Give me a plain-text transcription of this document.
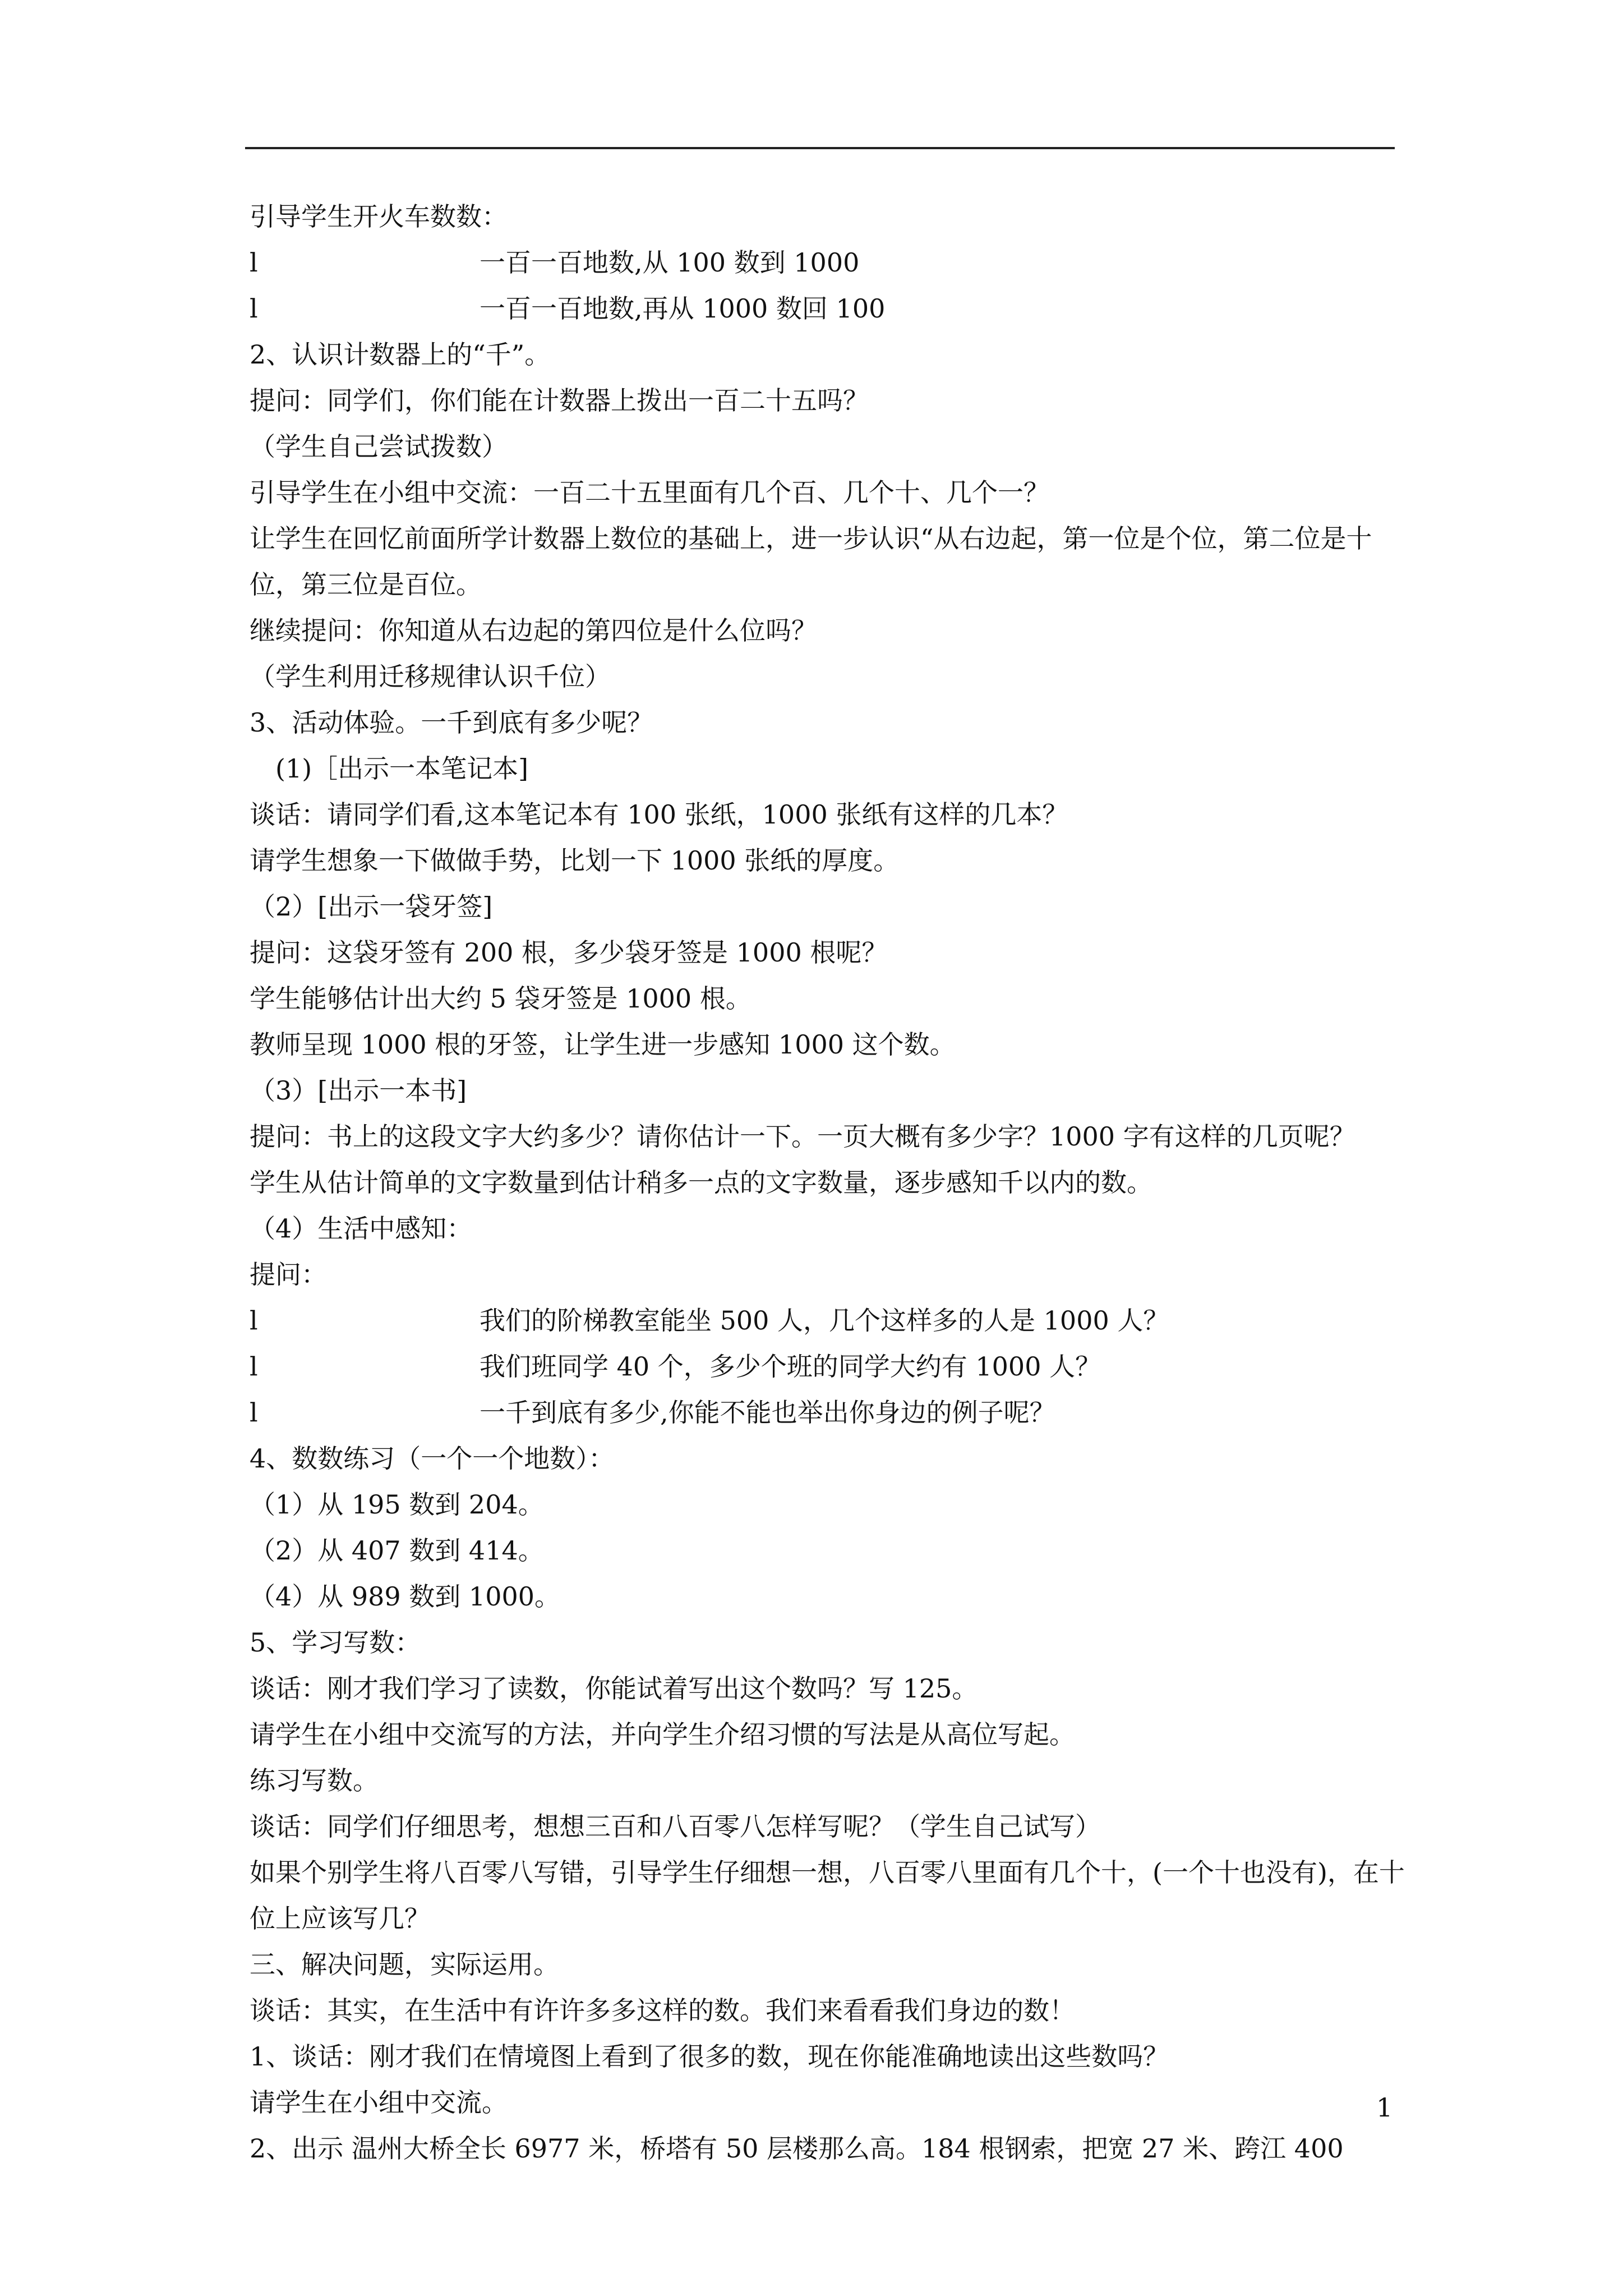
引导学生开火车数数：
l	一百一百地数,从 100 数到 1000
l	一百一百地数,再从 1000 数回 100
2、认识计数器上的“千”。
提问：同学们，你们能在计数器上拨出一百二十五吗？
（学生自己尝试拨数）
引导学生在小组中交流：一百二十五里面有几个百、几个十、几个一？
让学生在回忆前面所学计数器上数位的基础上，进一步认识“从右边起，第一位是个位，第二位是十位，第三位是百位。
继续提问：你知道从右边起的第四位是什么位吗？
（学生利用迁移规律认识千位）
3、活动体验。一千到底有多少呢？
(1)［出示一本笔记本]
谈话：请同学们看,这本笔记本有 100 张纸，1000 张纸有这样的几本？
请学生想象一下做做手势，比划一下 1000 张纸的厚度。
（2）[出示一袋牙签]
提问：这袋牙签有 200 根，多少袋牙签是 1000 根呢？
学生能够估计出大约 5 袋牙签是 1000 根。
教师呈现 1000 根的牙签，让学生进一步感知 1000 这个数。
（3）[出示一本书]
提问：书上的这段文字大约多少？请你估计一下。一页大概有多少字？1000 字有这样的几页呢？
学生从估计简单的文字数量到估计稍多一点的文字数量，逐步感知千以内的数。
（4）生活中感知：
提问：
l	我们的阶梯教室能坐 500 人，几个这样多的人是 1000 人？
l	我们班同学 40 个，多少个班的同学大约有 1000 人？
l	一千到底有多少,你能不能也举出你身边的例子呢？
4、数数练习（一个一个地数）：
（1）从 195 数到 204。
（2）从 407 数到 414。
（4）从 989 数到 1000。
5、学习写数：
谈话：刚才我们学习了读数，你能试着写出这个数吗？写 125。
请学生在小组中交流写的方法，并向学生介绍习惯的写法是从高位写起。
练习写数。
谈话：同学们仔细思考，想想三百和八百零八怎样写呢？（学生自己试写）
如果个别学生将八百零八写错，引导学生仔细想一想，八百零八里面有几个十，(一个十也没有)，在十位上应该写几？
三、解决问题，实际运用。
谈话：其实，在生活中有许许多多这样的数。我们来看看我们身边的数！
1、谈话：刚才我们在情境图上看到了很多的数，现在你能准确地读出这些数吗？
请学生在小组中交流。
2、出示 温州大桥全长 6977 米，桥塔有 50 层楼那么高。184 根钢索，把宽 27 米、跨江 400
1
